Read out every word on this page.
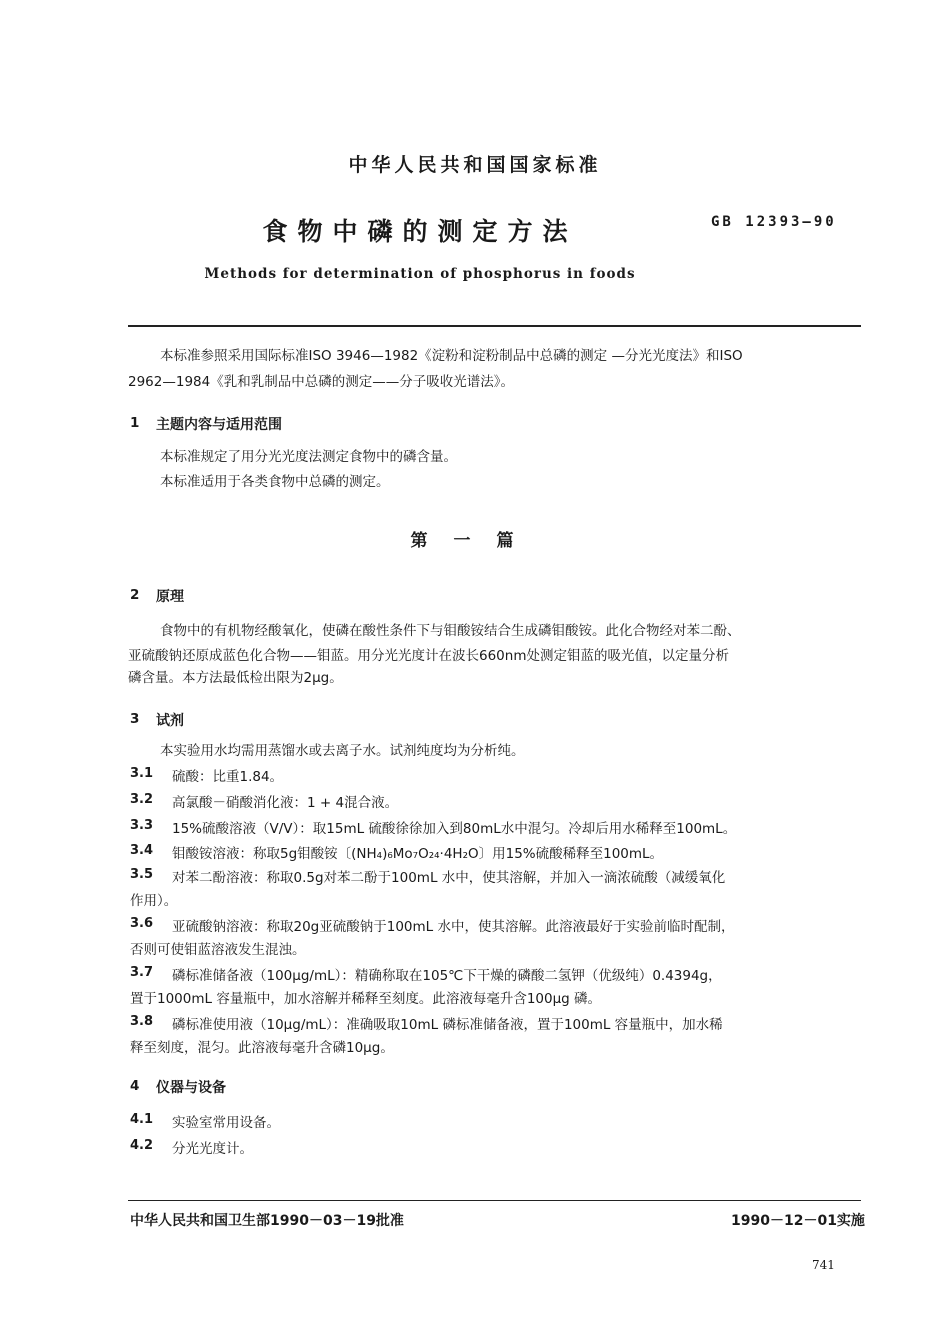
中华人民共和国国家标准
食物中磷的测定方法	GB 12393—90
Methods for determination of phosphorus in foods
本标准参照采用国际标准ISO 3946—1982《淀粉和淀粉制品中总磷的测定 —分光光度法》和ISO
2962—1984《乳和乳制品中总磷的测定——分子吸收光谱法》。
1 主题内容与适用范围
本标准规定了用分光光度法测定食物中的磷含量。
本标准适用于各类食物中总磷的测定。
第一篇
2 原理
食物中的有机物经酸氧化，使磷在酸性条件下与钼酸铵结合生成磷钼酸铵。此化合物经对苯二酚、
亚硫酸钠还原成蓝色化合物——钼蓝。用分光光度计在波长660nm处测定钼蓝的吸光值，以定量分析
磷含量。本方法最低检出限为2μg。
3 试剂
本实验用水均需用蒸馏水或去离子水。试剂纯度均为分析纯。
3.1 硫酸：比重1.84。
3.2 高氯酸－硝酸消化液：1 + 4混合液。
3.3 15%硫酸溶液（V/V）：取15mL 硫酸徐徐加入到80mL水中混匀。冷却后用水稀释至100mL。
3.4 钼酸铵溶液：称取5g钼酸铵〔(NH₄)₆Mo₇O₂₄·4H₂O〕用15%硫酸稀释至100mL。
3.5 对苯二酚溶液：称取0.5g对苯二酚于100mL 水中，使其溶解，并加入一滴浓硫酸（减缓氧化
作用）。
3.6 亚硫酸钠溶液：称取20g亚硫酸钠于100mL 水中，使其溶解。此溶液最好于实验前临时配制，
否则可使钼蓝溶液发生混浊。
3.7 磷标准储备液（100μg/mL）：精确称取在105℃下干燥的磷酸二氢钾（优级纯）0.4394g，
置于1000mL 容量瓶中，加水溶解并稀释至刻度。此溶液每毫升含100μg 磷。
3.8 磷标准使用液（10μg/mL）：准确吸取10mL 磷标准储备液，置于100mL 容量瓶中，加水稀
释至刻度，混匀。此溶液每毫升含磷10μg。
4 仪器与设备
4.1 实验室常用设备。
4.2 分光光度计。
中华人民共和国卫生部1990－03－19批准	1990－12－01实施
741
